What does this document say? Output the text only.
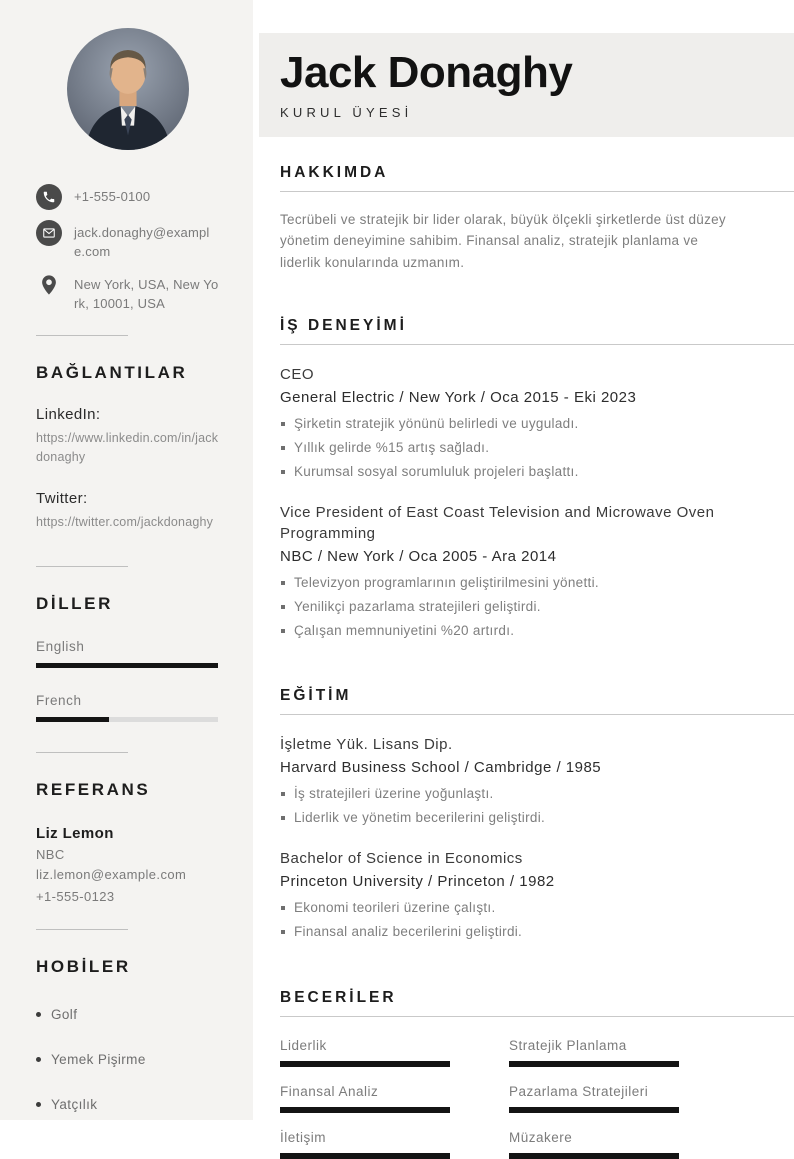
+1-555-0100
jack.donaghy@example.com
New York, USA, New York, 10001, USA
BAĞLANTILAR
LinkedIn:
https://www.linkedin.com/in/jackdonaghy
Twitter:
https://twitter.com/jackdonaghy
DİLLER
English
French
REFERANS
Liz Lemon
NBC
liz.lemon@example.com
+1-555-0123
HOBİLER
Golf
Yemek Pişirme
Yatçılık
Jack Donaghy
KURUL ÜYESİ
HAKKIMDA

Tecrübeli ve stratejik bir lider olarak, büyük ölçekli şirketlerde üst düzey yönetim deneyimine sahibim. Finansal analiz, stratejik planlama ve liderlik konularında uzmanım.

İŞ DENEYİMİ
CEO
General Electric / New York / Oca 2015 - Eki 2023
Şirketin stratejik yönünü belirledi ve uyguladı.
Yıllık gelirde %15 artış sağladı.
Kurumsal sosyal sorumluluk projeleri başlattı.
Vice President of East Coast Television and Microwave Oven Programming
NBC / New York / Oca 2005 - Ara 2014
Televizyon programlarının geliştirilmesini yönetti.
Yenilikçi pazarlama stratejileri geliştirdi.
Çalışan memnuniyetini %20 artırdı.
EĞİTİM
İşletme Yük. Lisans Dip.
Harvard Business School / Cambridge / 1985
İş stratejileri üzerine yoğunlaştı.
Liderlik ve yönetim becerilerini geliştirdi.
Bachelor of Science in Economics
Princeton University / Princeton / 1982
Ekonomi teorileri üzerine çalıştı.
Finansal analiz becerilerini geliştirdi.
BECERİLER
Liderlik	Stratejik Planlama
Finansal Analiz	Pazarlama Stratejileri
İletişim	Müzakere
